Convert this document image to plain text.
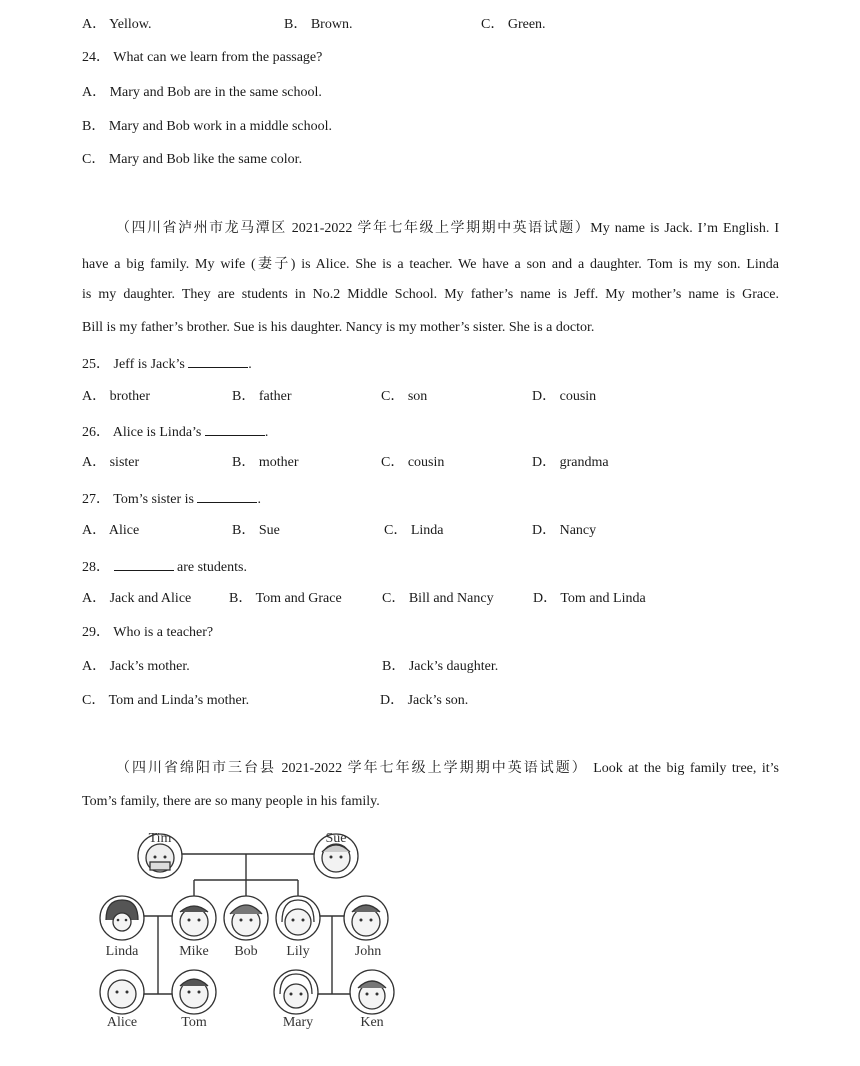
A． Yellow.	B． Brown.	C． Green.
24． What can we learn from the passage?
A． Mary and Bob are in the same school.
B． Mary and Bob work in a middle school.
C． Mary and Bob like the same color.
（四川省泸州市龙马潭区 2021-2022 学年七年级上学期期中英语试题）My name is Jack. I’m English. I
have a big family. My wife (妻子) is Alice. She is a teacher. We have a son and a daughter. Tom is my son. Linda
is my daughter. They are students in No.2 Middle School. My father’s name is Jeff. My mother’s name is Grace.
Bill is my father’s brother. Sue is his daughter. Nancy is my mother’s sister. She is a doctor.
25． Jeff is Jack’s	.
A． brother	B． father	C． son	D． cousin
26． Alice is Linda’s	.
A． sister	B． mother	C． cousin	D． grandma
27． Tom’s sister is	.
A． Alice	B． Sue	C． Linda	D． Nancy
28．	are students.
A． Jack and Alice	B． Tom and Grace	C． Bill and Nancy	D． Tom and Linda
29． Who is a teacher?
A． Jack’s mother.	B． Jack’s daughter.
C． Tom and Linda’s mother.	D． Jack’s son.
（四川省绵阳市三台县 2021-2022 学年七年级上学期期中英语试题） Look at the big family tree, it’s
Tom’s family, there are so many people in his family.
Tim	Sue
Linda	Mike Bob Lily	John
Alice	Tom	Mary	Ken
